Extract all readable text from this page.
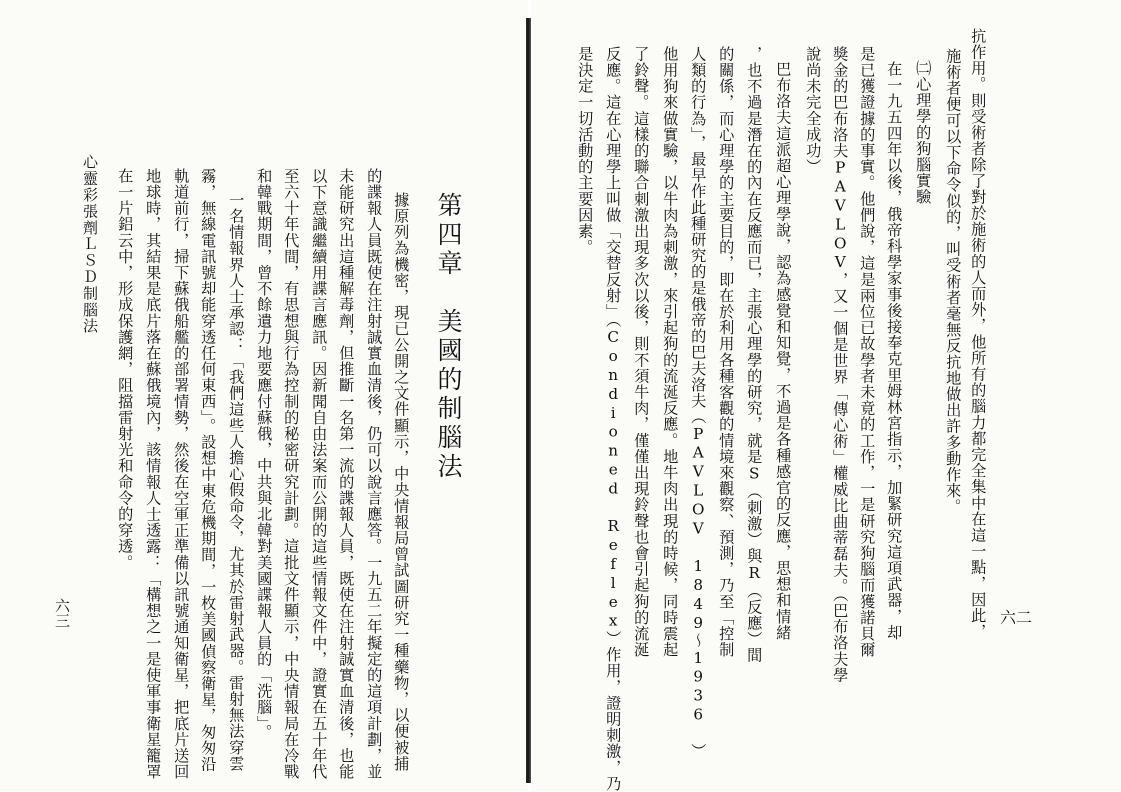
抗作用。則受術者除了對於施術的人而外，他所有的腦力都完全集中在這一點，因此，
施術者便可以下命令似的，叫受術者毫無反抗地做出許多動作來。
㈡心理學的狗腦實驗
在一九五四年以後，俄帝科學家事後接奉克里姆林宮指示，加緊研究這項武器，却
是已獲證據的事實。他們說，這是兩位已故學者未竟的工作，一是研究狗腦而獲諾貝爾
獎金的巴布洛夫PAVLOV，又一個是世界「傳心術」權威比曲蒂磊夫。（巴布洛夫學
說尚未完全成功）
巴布洛夫這派超心理學說，認為感覺和知覺，不過是各種感官的反應，思想和情緒
，也不過是潛在的內在反應而已，主張心理學的研究，就是S（刺激）與R（反應）間
的關係，而心理學的主要目的，即在於利用各種客觀的情境來觀察、預測，乃至「控制
人類的行為」，最早作此種研究的是俄帝的巴夫洛夫（PAVLOV 1849～1936 ）
他用狗來做實驗，以牛肉為刺激，來引起狗的流涎反應。地牛肉出現的時候，同時震起
了鈴聲。這樣的聯合刺激出現多次以後，則不須牛肉，僅僅出現鈴聲也會引起狗的流涎
反應。這在心理學上叫做「交替反射」（Condioned Reflex）作用，證明刺激，乃
是決定一切活動的主要因素。
六二
第四章　美國的制腦法
據原列為機密，現已公開之文件顯示，中央情報局曾試圖研究一種藥物，以便被捕
的諜報人員既使在注射誠實血清後，仍可以說言應答。一九五二年擬定的這項計劃，並
未能研究出這種解毒劑，但推斷一名第一流的諜報人員，既使在注射誠實血清後，也能
以下意識繼續用諜言應訊。因新聞自由法案而公開的這些情報文件中，證實在五十年代
至六十年代間，有思想與行為控制的秘密研究計劃。這批文件顯示，中央情報局在冷戰
和韓戰期間，曾不餘遺力地要應付蘇俄，中共與北韓對美國諜報人員的「洗腦」。
一名情報界人士承認：「我們這些人擔心假命令，尤其於雷射武器。雷射無法穿雲
霧，無線電訊號却能穿透任何東西」。設想中東危機期間，一枚美國偵察衛星，匆匆沿
軌道前行，掃下蘇俄船艦的部署情勢，然後在空軍正準備以訊號通知衛星，把底片送回
地球時，其結果是底片落在蘇俄境內，該情報人士透露：「構想之一是使軍事衛星籠罩
在一片鋁云中，形成保護網，阻擋雷射光和命令的穿透。
心靈彩張劑ＬＳＤ制腦法
六三
